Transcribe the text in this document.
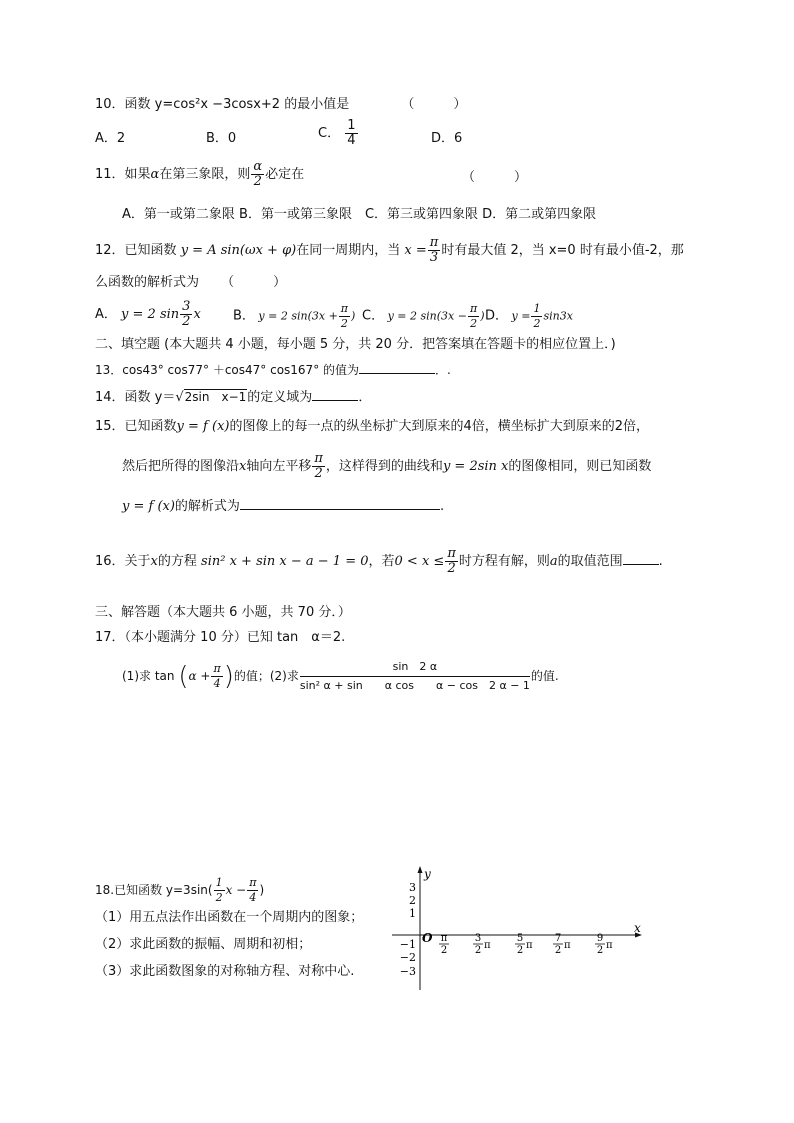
10．函数 y=cos²x −3cosx+2 的最小值是	（　　　）
A．2	B．0	C． $\frac{1}{4}$	D．6
11．如果α在第三象限，则 $\frac{\alpha}{2}$ 必定在	（　　　）
A．第一或第二象限 B．第一或第三象限　C．第三或第四象限 D．第二或第四象限
12．已知函数 y = A sin(ωx + φ)在同一周期内，当 $x = \frac{\pi}{3}$ 时有最大值 2，当 x=0 时有最小值-2，那
么函数的解析式为 （　　　）
A． y = 2 $\sin \frac{3}{2}$ x B． y = 2 $\sin(3x + \frac{\pi}{2}$ ) C． y = 2 $\sin(3x - \frac{\pi}{2}$ ) D． $y = \frac{1}{2} \sin 3x$
二、填空题 (本大题共 4 小题，每小题 5 分，共 20 分．把答案填在答题卡的相应位置上．)
13．cos43° cos77° ＋cos47° cos167° 的值为	．.
14．函数 y＝√2sin　x−1的定义域为	．
15．已知函数y = f (x)的图像上的每一点的纵坐标扩大到原来的4倍，横坐标扩大到原来的2倍，
然后把所得的图像沿x轴向左平移 $\frac{\pi}{2}$ ，这样得到的曲线和y = 2sin x的图像相同，则已知函数
y = f (x)的解析式为	.
16．关于x的方程 sin² x + sin x − a − 1 = 0，若$0 < x \le \frac{\pi}{2}$ 时方程有解，则a的取值范围	.
三、解答题（本大题共 6 小题，共 70 分．）
17．（本小题满分 10 分）已知 tan　α＝2.
(1)求 $\tan (\alpha + \frac{\pi}{4}$ )的值；(2)求 $\frac{\sin 2 \alpha}{\text{sin² α + sin　　α cos　　α − cos　2 α − 1}}$ 的值.
18.已知函数 $y=3\sin( \frac{1}{2}$ $x - \frac{\pi}{4}$ )
（1）用五点法作出函数在一个周期内的图象；
（2）求此函数的振幅、周期和初相；
（3）求此函数图象的对称轴方程、对称中心.
y
x
O
3
2
1
−1
−2
−3
π
2
3
2 π
5
2 π
7
2 π
9
2 π
